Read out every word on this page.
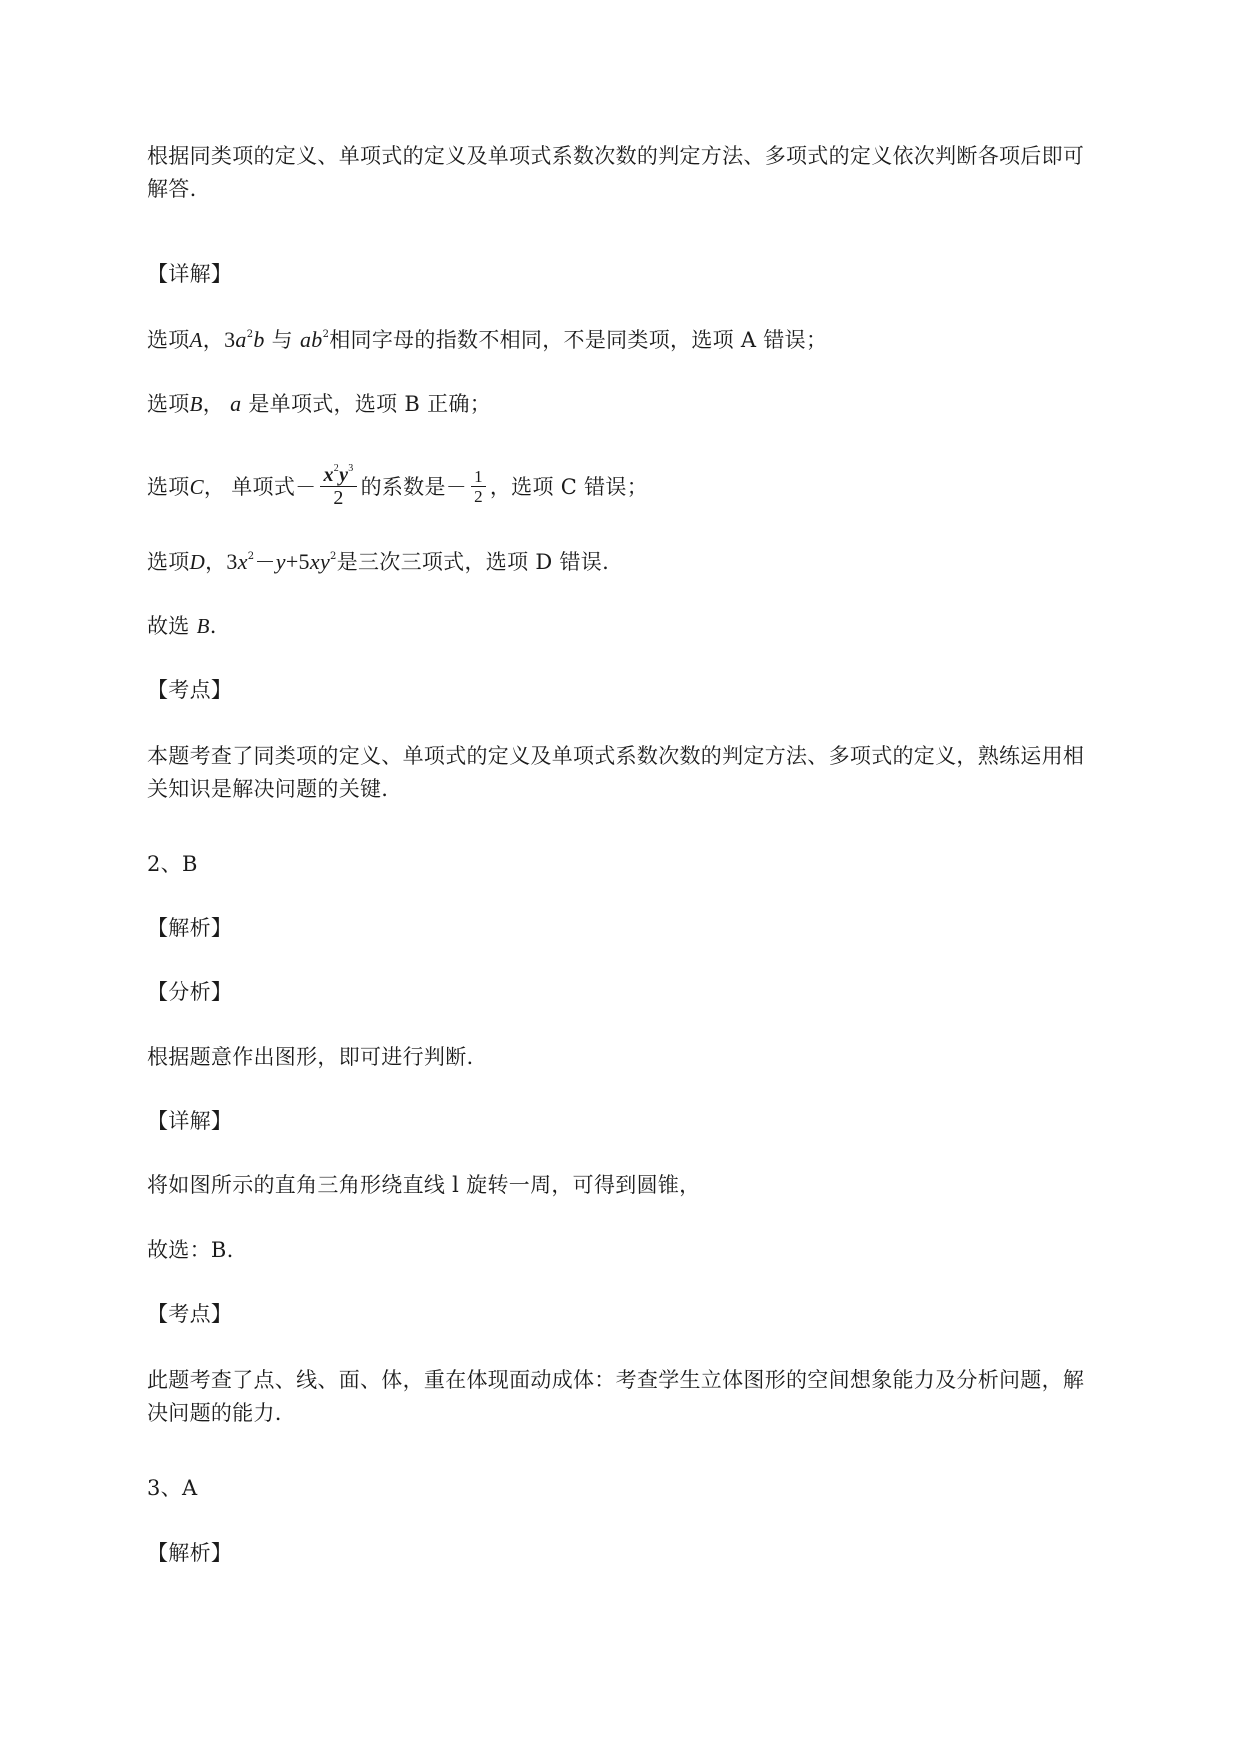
根据同类项的定义、单项式的定义及单项式系数次数的判定方法、多项式的定义依次判断各项后即可
解答.
【详解】
选项A，$3a^2b$ 与 $ab^2$相同字母的指数不相同，不是同类项，选项 A 错误；
选项B， a 是单项式，选项 B 正确；
选项C， 单项式－ $\frac{x^2y^3}{2}$ 的系数是－ $\frac{1}{2}$ ，选项 C 错误；
选项D，$3x^2-y+5xy^2$是三次三项式，选项 D 错误.
故选 B.
【考点】
本题考查了同类项的定义、单项式的定义及单项式系数次数的判定方法、多项式的定义，熟练运用相
关知识是解决问题的关键.
2、B
【解析】
【分析】
根据题意作出图形，即可进行判断.
【详解】
将如图所示的直角三角形绕直线 l 旋转一周，可得到圆锥，
故选：B.
【考点】
此题考查了点、线、面、体，重在体现面动成体：考查学生立体图形的空间想象能力及分析问题，解
决问题的能力.
3、A
【解析】
